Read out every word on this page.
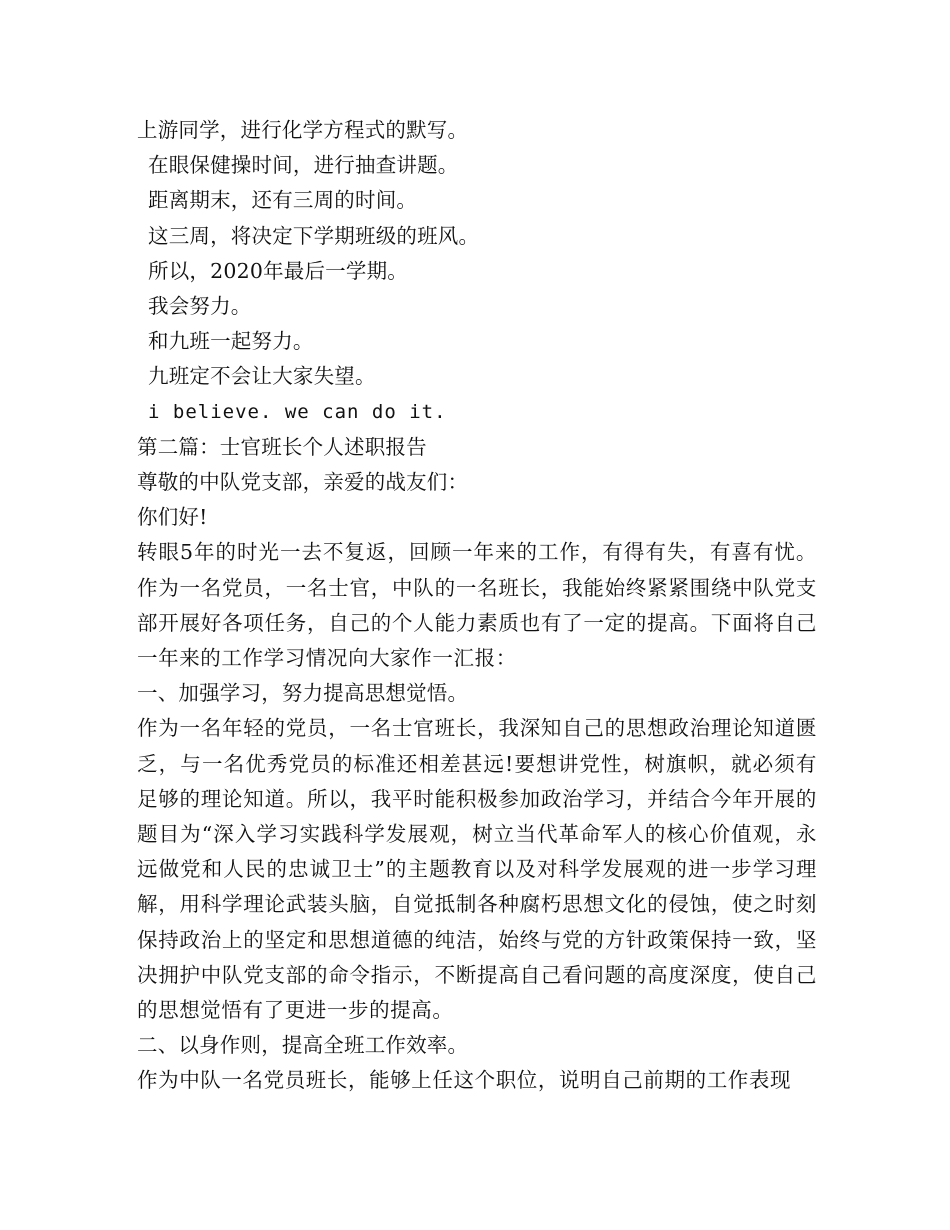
上游同学，进行化学方程式的默写。
在眼保健操时间，进行抽查讲题。
距离期末，还有三周的时间。
这三周，将决定下学期班级的班风。
所以，2020年最后一学期。
我会努力。
和九班一起努力。
九班定不会让大家失望。
i believe. we can do it.
第二篇：士官班长个人述职报告
尊敬的中队党支部，亲爱的战友们：
你们好!
转眼5年的时光一去不复返，回顾一年来的工作，有得有失，有喜有忧。作为一名党员，一名士官，中队的一名班长，我能始终紧紧围绕中队党支部开展好各项任务，自己的个人能力素质也有了一定的提高。下面将自己一年来的工作学习情况向大家作一汇报：
一、加强学习，努力提高思想觉悟。
作为一名年轻的党员，一名士官班长，我深知自己的思想政治理论知道匮乏，与一名优秀党员的标准还相差甚远!要想讲党性，树旗帜，就必须有足够的理论知道。所以，我平时能积极参加政治学习，并结合今年开展的题目为“深入学习实践科学发展观，树立当代革命军人的核心价值观，永远做党和人民的忠诚卫士”的主题教育以及对科学发展观的进一步学习理解，用科学理论武装头脑，自觉抵制各种腐朽思想文化的侵蚀，使之时刻保持政治上的坚定和思想道德的纯洁，始终与党的方针政策保持一致，坚决拥护中队党支部的命令指示，不断提高自己看问题的高度深度，使自己的思想觉悟有了更进一步的提高。
二、以身作则，提高全班工作效率。
作为中队一名党员班长，能够上任这个职位，说明自己前期的工作表现
